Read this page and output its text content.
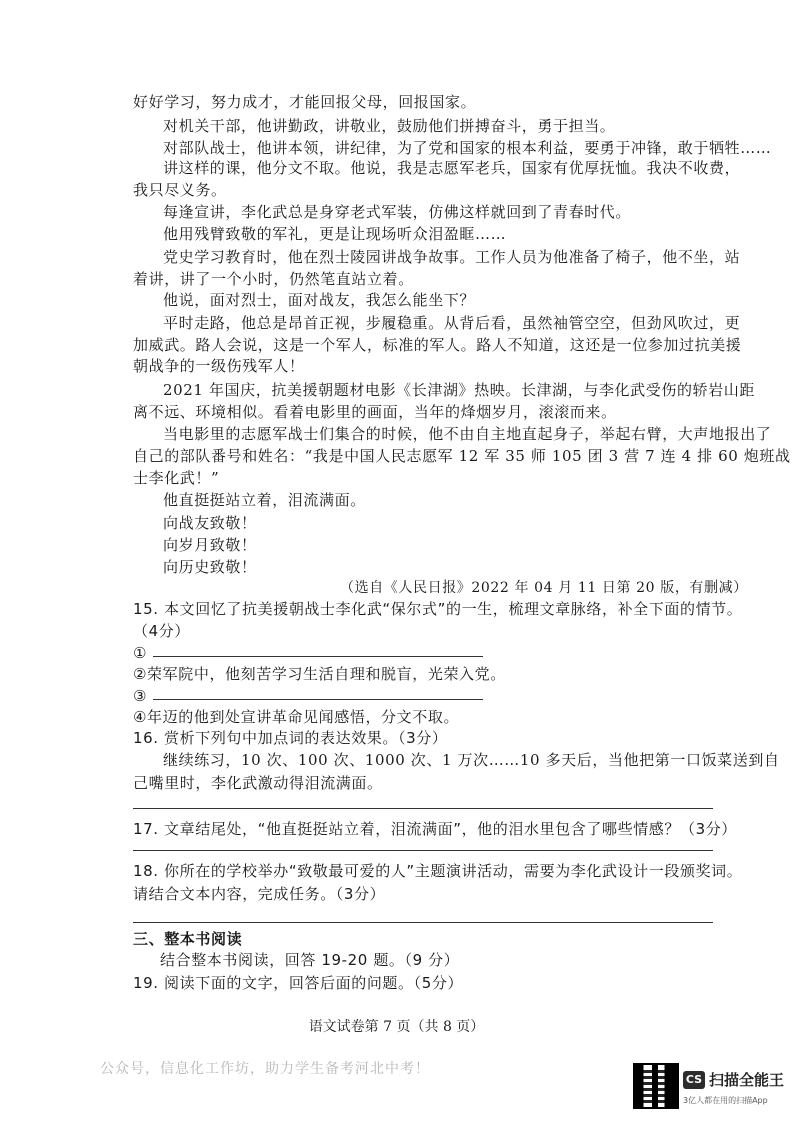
好好学习，努力成才，才能回报父母，回报国家。
对机关干部，他讲勤政，讲敬业，鼓励他们拼搏奋斗，勇于担当。
对部队战士，他讲本领，讲纪律，为了党和国家的根本利益，要勇于冲锋，敢于牺牲……
讲这样的课，他分文不取。他说，我是志愿军老兵，国家有优厚抚恤。我决不收费，
我只尽义务。
每逢宣讲，李化武总是身穿老式军装，仿佛这样就回到了青春时代。
他用残臂致敬的军礼，更是让现场听众泪盈眶……
党史学习教育时，他在烈士陵园讲战争故事。工作人员为他准备了椅子，他不坐，站
着讲，讲了一个小时，仍然笔直站立着。
他说，面对烈士，面对战友，我怎么能坐下？
平时走路，他总是昂首正视，步履稳重。从背后看，虽然袖管空空，但劲风吹过，更
加威武。路人会说，这是一个军人，标准的军人。路人不知道，这还是一位参加过抗美援
朝战争的一级伤残军人！
2021 年国庆，抗美援朝题材电影《长津湖》热映。长津湖，与李化武受伤的轿岩山距
离不远、环境相似。看着电影里的画面，当年的烽烟岁月，滚滚而来。
当电影里的志愿军战士们集合的时候，他不由自主地直起身子，举起右臂，大声地报出了
自己的部队番号和姓名：“我是中国人民志愿军 12 军 35 师 105 团 3 营 7 连 4 排 60 炮班战
士李化武！”
他直挺挺站立着，泪流满面。
向战友致敬！
向岁月致敬！
向历史致敬！
（选自《人民日报》2022 年 04 月 11 日第 20 版，有删减）
15. 本文回忆了抗美援朝战士李化武“保尔式”的一生，梳理文章脉络，补全下面的情节。
（4分）
①
②荣军院中，他刻苦学习生活自理和脱盲，光荣入党。
③
④年迈的他到处宣讲革命见闻感悟，分文不取。
16. 赏析下列句中加点词的表达效果。（3分）
继续练习，10 次、100 次、1000 次、1 万次……10 多天后，当他把第一口饭菜送到自
己嘴里时，李化武激动得泪流满面。
17. 文章结尾处，“他直挺挺站立着，泪流满面”，他的泪水里包含了哪些情感？（3分）
18. 你所在的学校举办“致敬最可爱的人”主题演讲活动，需要为李化武设计一段颁奖词。
请结合文本内容，完成任务。（3分）
三、整本书阅读
结合整本书阅读，回答 19-20 题。（9 分）
19. 阅读下面的文字，回答后面的问题。（5分）
语文试卷第 7 页（共 8 页）
公众号，信息化工作坊，助力学生备考河北中考！
CS 扫描全能王
3亿人都在用的扫描App
